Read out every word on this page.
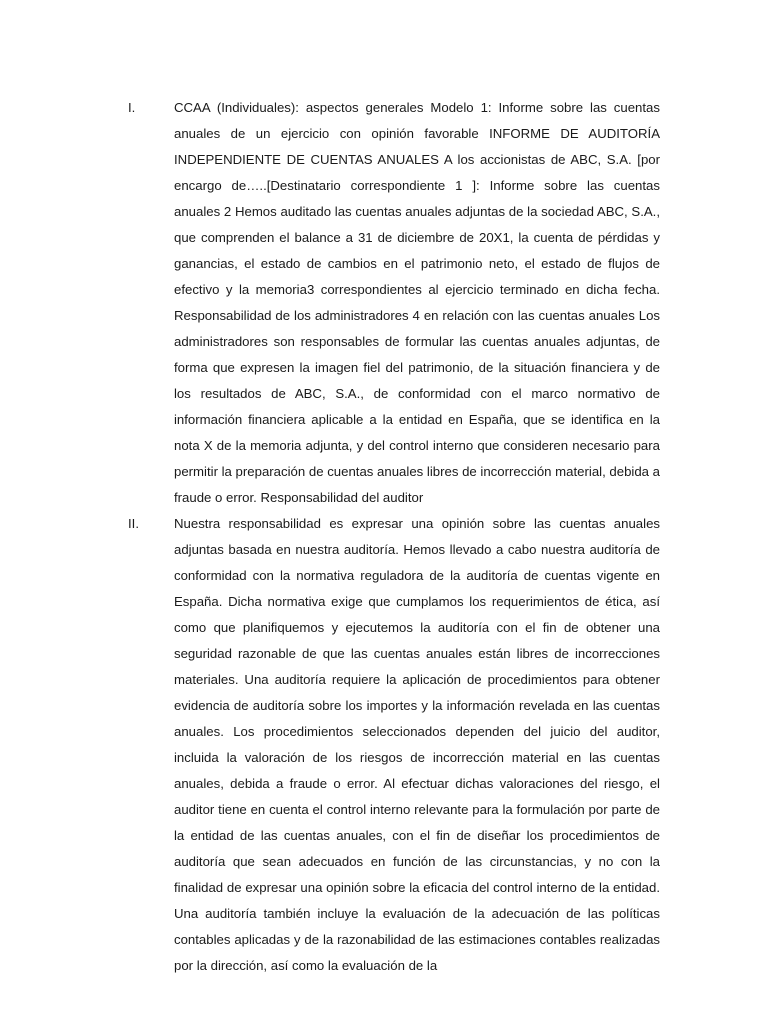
I.	CCAA (Individuales): aspectos generales Modelo 1: Informe sobre las cuentas anuales de un ejercicio con opinión favorable INFORME DE AUDITORÍA INDEPENDIENTE DE CUENTAS ANUALES A los accionistas de ABC, S.A. [por encargo de…..[Destinatario correspondiente 1 ]: Informe sobre las cuentas anuales 2 Hemos auditado las cuentas anuales adjuntas de la sociedad ABC, S.A., que comprenden el balance a 31 de diciembre de 20X1, la cuenta de pérdidas y ganancias, el estado de cambios en el patrimonio neto, el estado de flujos de efectivo y la memoria3 correspondientes al ejercicio terminado en dicha fecha. Responsabilidad de los administradores 4 en relación con las cuentas anuales Los administradores son responsables de formular las cuentas anuales adjuntas, de forma que expresen la imagen fiel del patrimonio, de la situación financiera y de los resultados de ABC, S.A., de conformidad con el marco normativo de información financiera aplicable a la entidad en España, que se identifica en la nota X de la memoria adjunta, y del control interno que consideren necesario para permitir la preparación de cuentas anuales libres de incorrección material, debida a fraude o error. Responsabilidad del auditor

II.	Nuestra responsabilidad es expresar una opinión sobre las cuentas anuales adjuntas basada en nuestra auditoría. Hemos llevado a cabo nuestra auditoría de conformidad con la normativa reguladora de la auditoría de cuentas vigente en España. Dicha normativa exige que cumplamos los requerimientos de ética, así como que planifiquemos y ejecutemos la auditoría con el fin de obtener una seguridad razonable de que las cuentas anuales están libres de incorrecciones materiales. Una auditoría requiere la aplicación de procedimientos para obtener evidencia de auditoría sobre los importes y la información revelada en las cuentas anuales. Los procedimientos seleccionados dependen del juicio del auditor, incluida la valoración de los riesgos de incorrección material en las cuentas anuales, debida a fraude o error. Al efectuar dichas valoraciones del riesgo, el auditor tiene en cuenta el control interno relevante para la formulación por parte de la entidad de las cuentas anuales, con el fin de diseñar los procedimientos de auditoría que sean adecuados en función de las circunstancias, y no con la finalidad de expresar una opinión sobre la eficacia del control interno de la entidad. Una auditoría también incluye la evaluación de la adecuación de las políticas contables aplicadas y de la razonabilidad de las estimaciones contables realizadas por la dirección, así como la evaluación de la
